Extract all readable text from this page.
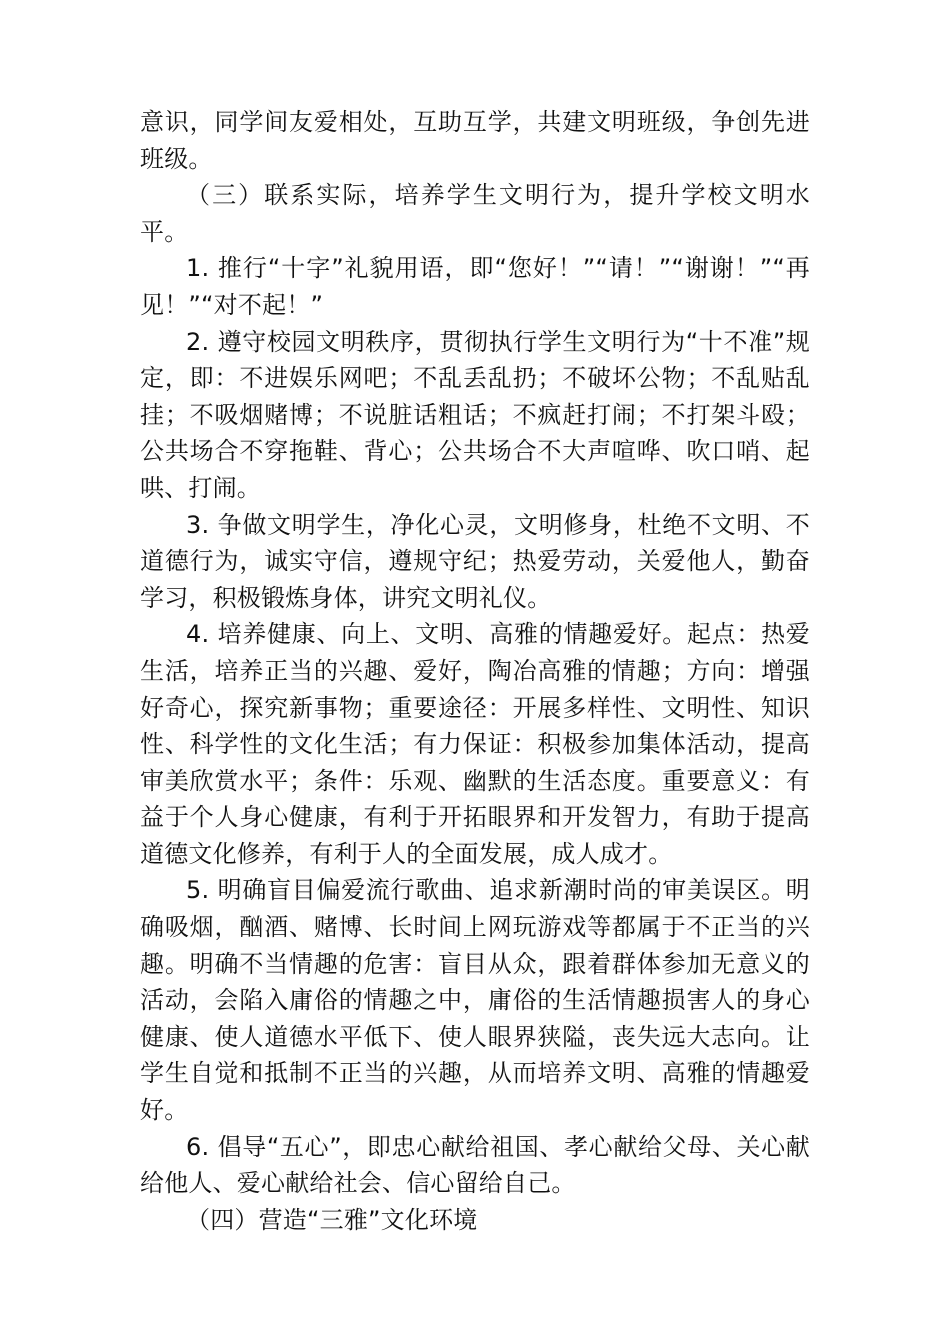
意识，同学间友爱相处，互助互学，共建文明班级，争创先进班级。

（三）联系实际，培养学生文明行为，提升学校文明水平。

1. 推行“十字”礼貌用语，即“您好！”“请！”“谢谢！”“再见！”“对不起！”

2. 遵守校园文明秩序，贯彻执行学生文明行为“十不准”规定，即：不进娱乐网吧；不乱丢乱扔；不破坏公物；不乱贴乱挂；不吸烟赌博；不说脏话粗话；不疯赶打闹；不打架斗殴；公共场合不穿拖鞋、背心；公共场合不大声喧哗、吹口哨、起哄、打闹。

3. 争做文明学生，净化心灵，文明修身，杜绝不文明、不道德行为，诚实守信，遵规守纪；热爱劳动，关爱他人，勤奋学习，积极锻炼身体，讲究文明礼仪。

4. 培养健康、向上、文明、高雅的情趣爱好。起点：热爱生活，培养正当的兴趣、爱好，陶冶高雅的情趣；方向：增强好奇心，探究新事物；重要途径：开展多样性、文明性、知识性、科学性的文化生活；有力保证：积极参加集体活动，提高审美欣赏水平；条件：乐观、幽默的生活态度。重要意义：有益于个人身心健康，有利于开拓眼界和开发智力，有助于提高道德文化修养，有利于人的全面发展，成人成才。

5. 明确盲目偏爱流行歌曲、追求新潮时尚的审美误区。明确吸烟，酗酒、赌博、长时间上网玩游戏等都属于不正当的兴趣。明确不当情趣的危害：盲目从众，跟着群体参加无意义的活动，会陷入庸俗的情趣之中，庸俗的生活情趣损害人的身心健康、使人道德水平低下、使人眼界狭隘，丧失远大志向。让学生自觉和抵制不正当的兴趣，从而培养文明、高雅的情趣爱好。

6. 倡导“五心”，即忠心献给祖国、孝心献给父母、关心献给他人、爱心献给社会、信心留给自己。

（四）营造“三雅”文化环境
